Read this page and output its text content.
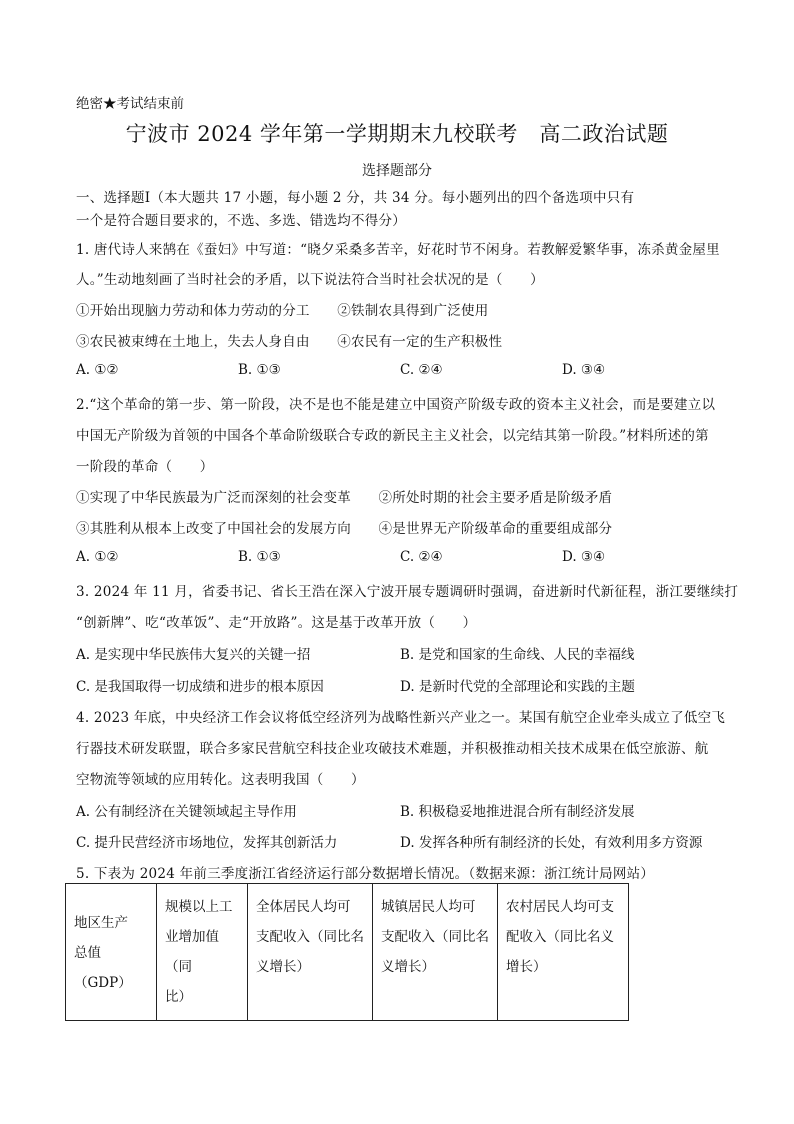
绝密★考试结束前
宁波市 2024 学年第一学期期末九校联考　高二政治试题
选择题部分
一、选择题Ⅰ（本大题共 17 小题，每小题 2 分，共 34 分。每小题列出的四个备选项中只有
一个是符合题目要求的，不选、多选、错选均不得分）
1. 唐代诗人来鹄在《蚕妇》中写道：“晓夕采桑多苦辛，好花时节不闲身。若教解爱繁华事，冻杀黄金屋里
人。”生动地刻画了当时社会的矛盾，以下说法符合当时社会状况的是（　　）
①开始出现脑力劳动和体力劳动的分工　　②铁制农具得到广泛使用
③农民被束缚在土地上，失去人身自由　　④农民有一定的生产积极性
A. ①②	B. ①③	C. ②④	D. ③④
2.“这个革命的第一步、第一阶段，决不是也不能是建立中国资产阶级专政的资本主义社会，而是要建立以
中国无产阶级为首领的中国各个革命阶级联合专政的新民主主义社会，以完结其第一阶段。”材料所述的第
一阶段的革命（　　）
①实现了中华民族最为广泛而深刻的社会变革　　②所处时期的社会主要矛盾是阶级矛盾
③其胜利从根本上改变了中国社会的发展方向　　④是世界无产阶级革命的重要组成部分
A. ①②	B. ①③	C. ②④	D. ③④
3. 2024 年 11 月，省委书记、省长王浩在深入宁波开展专题调研时强调，奋进新时代新征程，浙江要继续打
“创新牌”、吃“改革饭”、走“开放路”。这是基于改革开放（　　）
A. 是实现中华民族伟大复兴的关键一招	B. 是党和国家的生命线、人民的幸福线
C. 是我国取得一切成绩和进步的根本原因	D. 是新时代党的全部理论和实践的主题
4. 2023 年底，中央经济工作会议将低空经济列为战略性新兴产业之一。某国有航空企业牵头成立了低空飞
行器技术研发联盟，联合多家民营航空科技企业攻破技术难题，并积极推动相关技术成果在低空旅游、航
空物流等领域的应用转化。这表明我国（　　）
A. 公有制经济在关键领域起主导作用	B. 积极稳妥地推进混合所有制经济发展
C. 提升民营经济市场地位，发挥其创新活力	D. 发挥各种所有制经济的长处，有效利用多方资源
5. 下表为 2024 年前三季度浙江省经济运行部分数据增长情况。（数据来源：浙江统计局网站）
地区生产
总值（GDP）

规模以上工
业增加值（同
比）

全体居民人均可
支配收入（同比名
义增长）

城镇居民人均可
支配收入（同比名
义增长）

农村居民人均可支
配收入（同比名义
增长）
